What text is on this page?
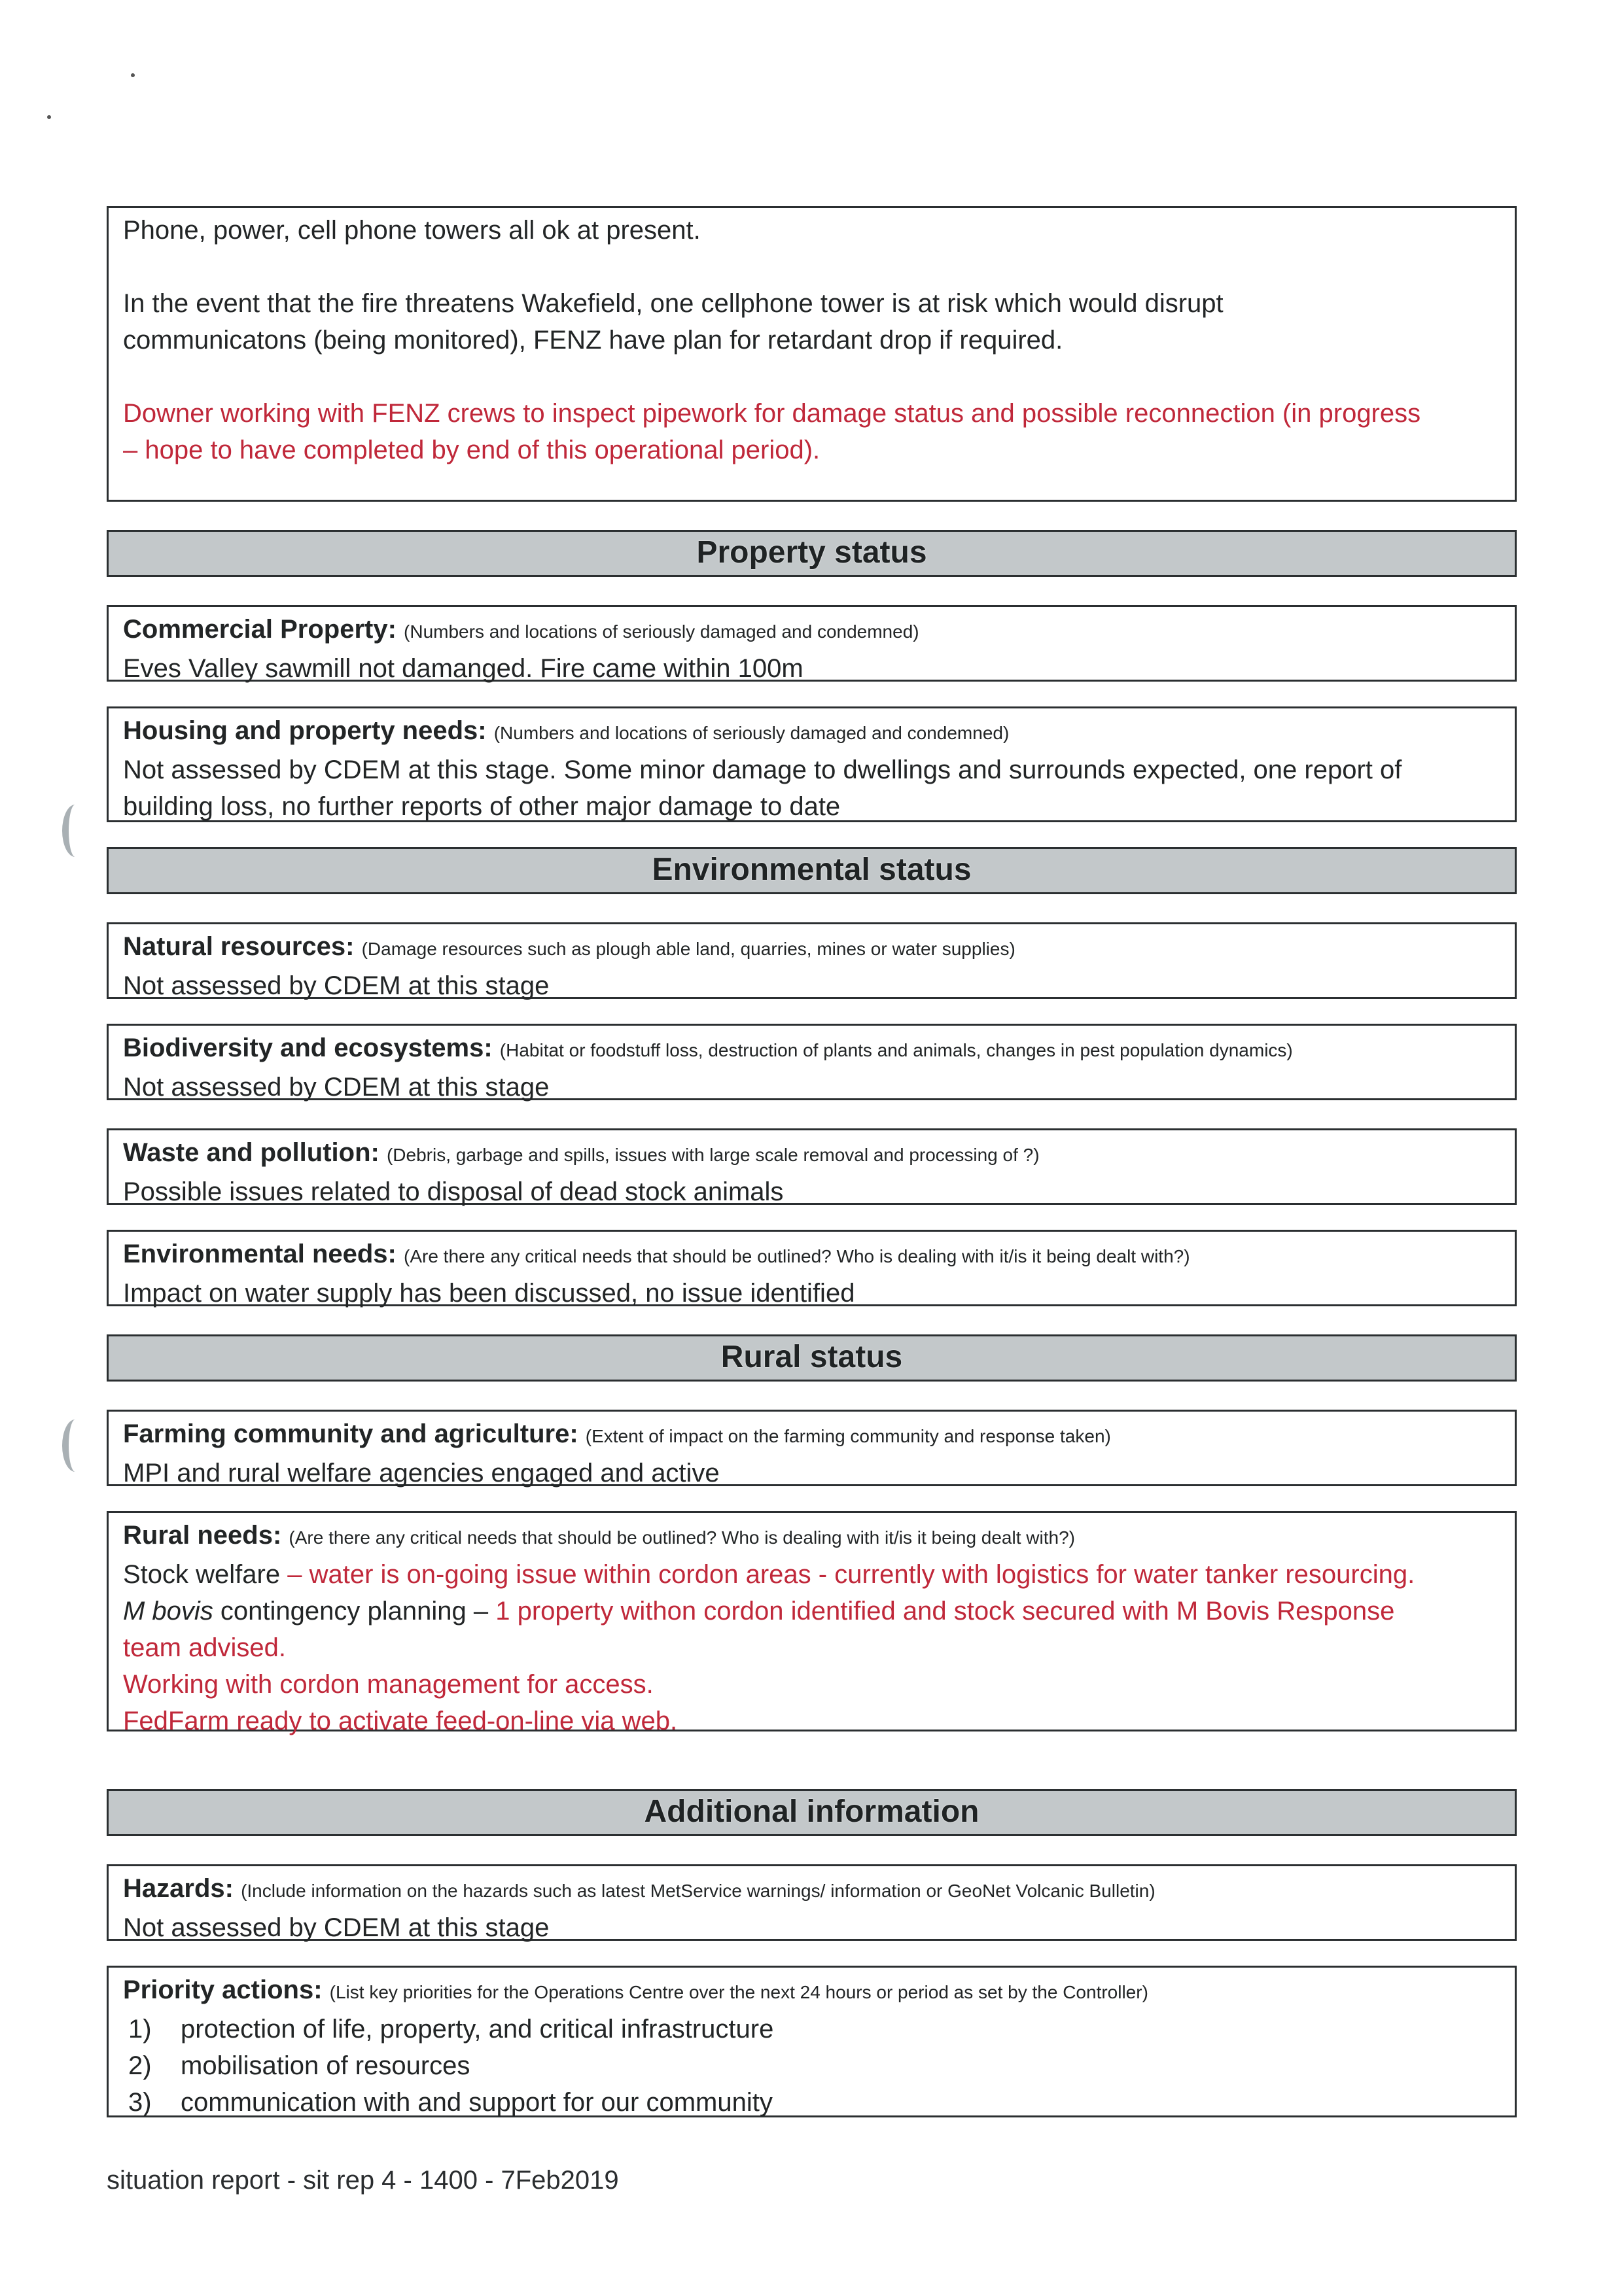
Phone, power, cell phone towers all ok at present.
In the event that the fire threatens Wakefield, one cellphone tower is at risk which would disrupt
communicatons (being monitored), FENZ have plan for retardant drop if required.
Downer working with FENZ crews to inspect pipework for damage status and possible reconnection (in progress
– hope to have completed by end of this operational period).
Property status
Commercial Property: (Numbers and locations of seriously damaged and condemned)
Eves Valley sawmill not damanged. Fire came within 100m
Housing and property needs: (Numbers and locations of seriously damaged and condemned)
Not assessed by CDEM at this stage. Some minor damage to dwellings and surrounds expected, one report of
building loss, no further reports of other major damage to date
Environmental status
Natural resources: (Damage resources such as plough able land, quarries, mines or water supplies)
Not assessed by CDEM at this stage
Biodiversity and ecosystems: (Habitat or foodstuff loss, destruction of plants and animals, changes in pest population dynamics)
Not assessed by CDEM at this stage
Waste and pollution: (Debris, garbage and spills, issues with large scale removal and processing of ?)
Possible issues related to disposal of dead stock animals
Environmental needs: (Are there any critical needs that should be outlined? Who is dealing with it/is it being dealt with?)
Impact on water supply has been discussed, no issue identified
Rural status
Farming community and agriculture: (Extent of impact on the farming community and response taken)
MPI and rural welfare agencies engaged and active
Rural needs: (Are there any critical needs that should be outlined? Who is dealing with it/is it being dealt with?)
Stock welfare – water is on-going issue within cordon areas - currently with logistics for water tanker resourcing.
M bovis contingency planning – 1 property withon cordon identified and stock secured with M Bovis Response
team advised.
Working with cordon management for access.
FedFarm ready to activate feed-on-line via web.
Additional information
Hazards: (Include information on the hazards such as latest MetService warnings/ information or GeoNet Volcanic Bulletin)
Not assessed by CDEM at this stage
Priority actions: (List key priorities for the Operations Centre over the next 24 hours or period as set by the Controller)
1) protection of life, property, and critical infrastructure
2) mobilisation of resources
3) communication with and support for our community
situation report - sit rep 4 - 1400 - 7Feb2019
